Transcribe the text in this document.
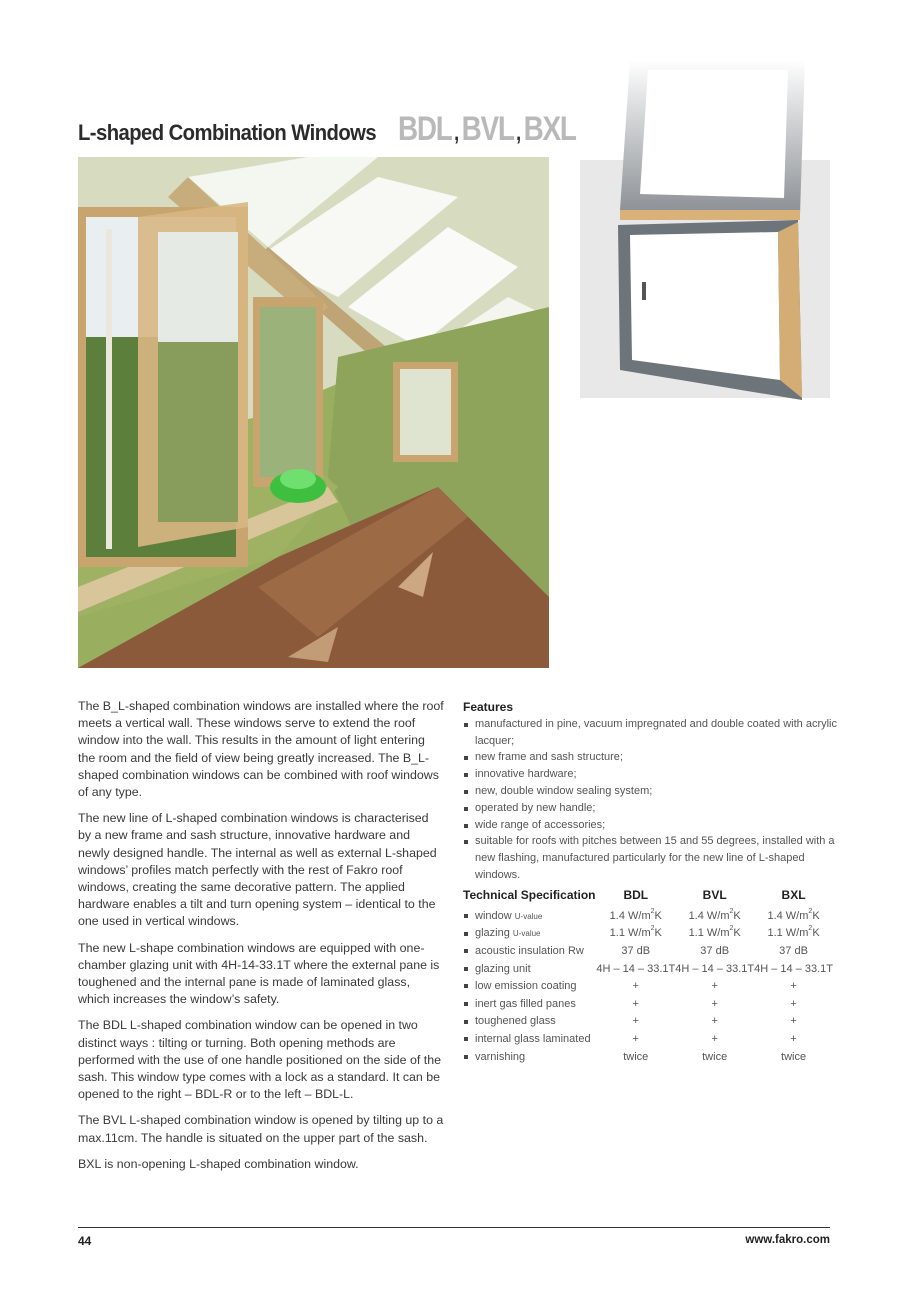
L-shaped Combination Windows BDL ,BVL ,BXL

The B_L-shaped combination windows are installed where the roof meets a vertical wall. These windows serve to extend the roof window into the wall. This results in the amount of light entering the room and the field of view being greatly increased. The B_L-shaped combination windows can be combined with roof windows of any type.

The new line of L-shaped combination windows is characterised by a new frame and sash structure, innovative hardware and newly designed handle. The internal as well as external L-shaped windows’ profiles match perfectly with the rest of Fakro roof windows, creating the same decorative pattern. The applied hardware enables a tilt and turn opening system – identical to the one used in vertical windows.

The new L-shape combination windows are equipped with one-chamber glazing unit with 4H-14-33.1T where the external pane is toughened and the internal pane is made of laminated glass, which increases the window’s safety.

The BDL L-shaped combination window can be opened in two distinct ways : tilting or turning. Both opening methods are performed with the use of one handle positioned on the side of the sash. This window type comes with a lock as a standard. It can be opened to the right – BDL-R or to the left – BDL-L.

The BVL L-shaped combination window is opened by tilting up to a max.11cm. The handle is situated on the upper part of the sash.

BXL is non-opening L-shaped combination window.

Features
manufactured in pine, vacuum impregnated and double coated with acrylic lacquer;
new frame and sash structure;
innovative hardware;
new, double window sealing system;
operated by new handle;
wide range of accessories;
suitable for roofs with pitches between 15 and 55 degrees, installed with a new flashing, manufactured particularly for the new line of L-shaped windows.
Technical Specification	BDL	BVL	BXL
window U-value	1.4 $W/m^2K$	1.4 $W/m^2K$	1.4 $W/m^2K$
glazing U-value	1.1 $W/m^2K$	1.1 $W/m^2K$	1.1 $W/m^2K$
acoustic insulation Rw	37 dB	37 dB	37 dB
glazing unit	4H – 14 – 33.1T	4H – 14 – 33.1T	4H – 14 – 33.1T
low emission coating	+	+	+
inert gas filled panes	+	+	+
toughened glass	+	+	+
internal glass laminated	+	+	+
varnishing	twice	twice	twice
44	www.fakro.com
